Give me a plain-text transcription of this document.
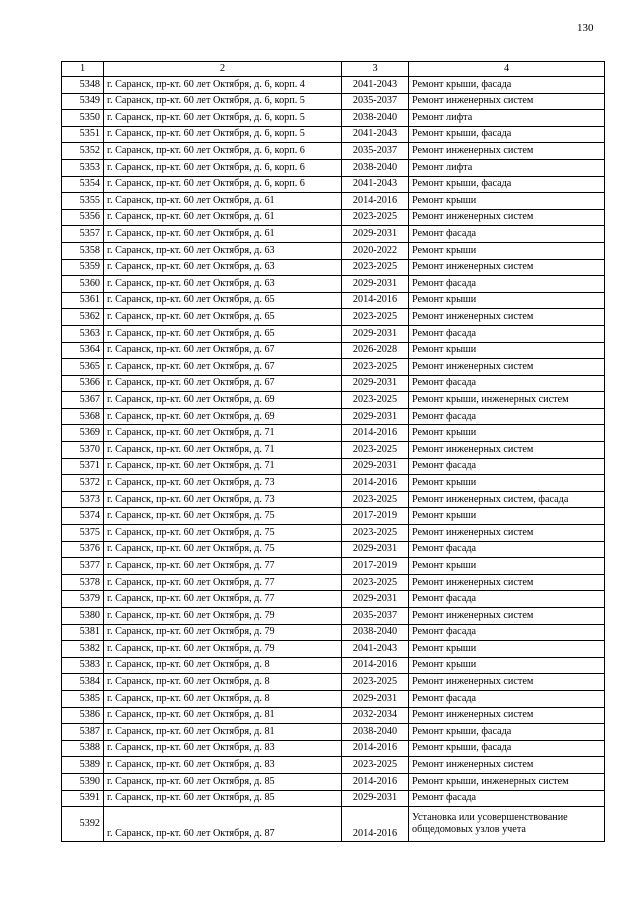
130
1	2	3	4
5348	г. Саранск, пр-кт. 60 лет Октября, д. 6, корп. 4	2041-2043	Ремонт крыши, фасада
5349	г. Саранск, пр-кт. 60 лет Октября, д. 6, корп. 5	2035-2037	Ремонт инженерных систем
5350	г. Саранск, пр-кт. 60 лет Октября, д. 6, корп. 5	2038-2040	Ремонт лифта
5351	г. Саранск, пр-кт. 60 лет Октября, д. 6, корп. 5	2041-2043	Ремонт крыши, фасада
5352	г. Саранск, пр-кт. 60 лет Октября, д. 6, корп. 6	2035-2037	Ремонт инженерных систем
5353	г. Саранск, пр-кт. 60 лет Октября, д. 6, корп. 6	2038-2040	Ремонт лифта
5354	г. Саранск, пр-кт. 60 лет Октября, д. 6, корп. 6	2041-2043	Ремонт крыши, фасада
5355	г. Саранск, пр-кт. 60 лет Октября, д. 61	2014-2016	Ремонт крыши
5356	г. Саранск, пр-кт. 60 лет Октября, д. 61	2023-2025	Ремонт инженерных систем
5357	г. Саранск, пр-кт. 60 лет Октября, д. 61	2029-2031	Ремонт фасада
5358	г. Саранск, пр-кт. 60 лет Октября, д. 63	2020-2022	Ремонт крыши
5359	г. Саранск, пр-кт. 60 лет Октября, д. 63	2023-2025	Ремонт инженерных систем
5360	г. Саранск, пр-кт. 60 лет Октября, д. 63	2029-2031	Ремонт фасада
5361	г. Саранск, пр-кт. 60 лет Октября, д. 65	2014-2016	Ремонт крыши
5362	г. Саранск, пр-кт. 60 лет Октября, д. 65	2023-2025	Ремонт инженерных систем
5363	г. Саранск, пр-кт. 60 лет Октября, д. 65	2029-2031	Ремонт фасада
5364	г. Саранск, пр-кт. 60 лет Октября, д. 67	2026-2028	Ремонт крыши
5365	г. Саранск, пр-кт. 60 лет Октября, д. 67	2023-2025	Ремонт инженерных систем
5366	г. Саранск, пр-кт. 60 лет Октября, д. 67	2029-2031	Ремонт фасада
5367	г. Саранск, пр-кт. 60 лет Октября, д. 69	2023-2025	Ремонт крыши, инженерных систем
5368	г. Саранск, пр-кт. 60 лет Октября, д. 69	2029-2031	Ремонт фасада
5369	г. Саранск, пр-кт. 60 лет Октября, д. 71	2014-2016	Ремонт крыши
5370	г. Саранск, пр-кт. 60 лет Октября, д. 71	2023-2025	Ремонт инженерных систем
5371	г. Саранск, пр-кт. 60 лет Октября, д. 71	2029-2031	Ремонт фасада
5372	г. Саранск, пр-кт. 60 лет Октября, д. 73	2014-2016	Ремонт крыши
5373	г. Саранск, пр-кт. 60 лет Октября, д. 73	2023-2025	Ремонт инженерных систем, фасада
5374	г. Саранск, пр-кт. 60 лет Октября, д. 75	2017-2019	Ремонт крыши
5375	г. Саранск, пр-кт. 60 лет Октября, д. 75	2023-2025	Ремонт инженерных систем
5376	г. Саранск, пр-кт. 60 лет Октября, д. 75	2029-2031	Ремонт фасада
5377	г. Саранск, пр-кт. 60 лет Октября, д. 77	2017-2019	Ремонт крыши
5378	г. Саранск, пр-кт. 60 лет Октября, д. 77	2023-2025	Ремонт инженерных систем
5379	г. Саранск, пр-кт. 60 лет Октября, д. 77	2029-2031	Ремонт фасада
5380	г. Саранск, пр-кт. 60 лет Октября, д. 79	2035-2037	Ремонт инженерных систем
5381	г. Саранск, пр-кт. 60 лет Октября, д. 79	2038-2040	Ремонт фасада
5382	г. Саранск, пр-кт. 60 лет Октября, д. 79	2041-2043	Ремонт крыши
5383	г. Саранск, пр-кт. 60 лет Октября, д. 8	2014-2016	Ремонт крыши
5384	г. Саранск, пр-кт. 60 лет Октября, д. 8	2023-2025	Ремонт инженерных систем
5385	г. Саранск, пр-кт. 60 лет Октября, д. 8	2029-2031	Ремонт фасада
5386	г. Саранск, пр-кт. 60 лет Октября, д. 81	2032-2034	Ремонт инженерных систем
5387	г. Саранск, пр-кт. 60 лет Октября, д. 81	2038-2040	Ремонт крыши, фасада
5388	г. Саранск, пр-кт. 60 лет Октября, д. 83	2014-2016	Ремонт крыши, фасада
5389	г. Саранск, пр-кт. 60 лет Октября, д. 83	2023-2025	Ремонт инженерных систем
5390	г. Саранск, пр-кт. 60 лет Октября, д. 85	2014-2016	Ремонт крыши, инженерных систем
5391	г. Саранск, пр-кт. 60 лет Октября, д. 85	2029-2031	Ремонт фасада
5392	г. Саранск, пр-кт. 60 лет Октября, д. 87	2014-2016	Установка или усовершенствование общедомовых узлов учета
